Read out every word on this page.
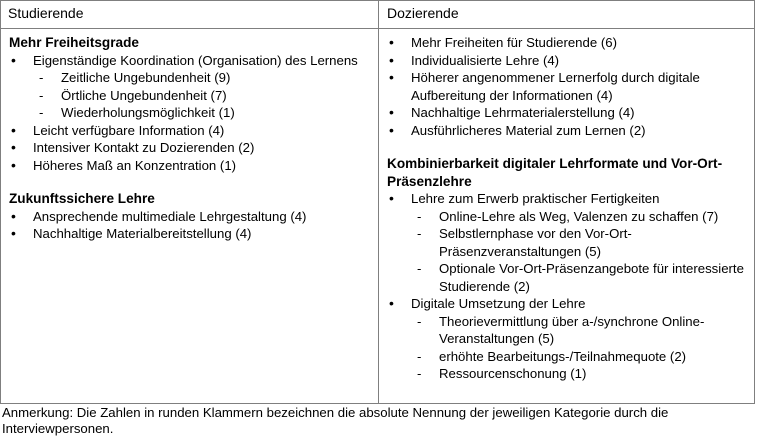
Studierende	Dozierende
Mehr Freiheitsgrade
• Eigenständige Koordination (Organisation) des Lernens
- Zeitliche Ungebundenheit (9)
- Örtliche Ungebundenheit (7)
- Wiederholungsmöglichkeit (1)
• Leicht verfügbare Information (4)
• Intensiver Kontakt zu Dozierenden (2)
• Höheres Maß an Konzentration (1)
Zukunftssichere Lehre
• Ansprechende multimediale Lehrgestaltung (4)
• Nachhaltige Materialbereitstellung (4)
• Mehr Freiheiten für Studierende (6)
• Individualisierte Lehre (4)
• Höherer angenommener Lernerfolg durch digitale Aufbereitung der Informationen (4)
• Nachhaltige Lehrmaterialerstellung (4)
• Ausführlicheres Material zum Lernen (2)
Kombinierbarkeit digitaler Lehrformate und Vor-Ort-Präsenzlehre
• Lehre zum Erwerb praktischer Fertigkeiten
- Online-Lehre als Weg, Valenzen zu schaffen (7)
- Selbstlernphase vor den Vor-Ort-Präsenzveranstaltungen (5)
- Optionale Vor-Ort-Präsenzangebote für interessierte Studierende (2)
• Digitale Umsetzung der Lehre
- Theorievermittlung über a-/synchrone Online-Veranstaltungen (5)
- erhöhte Bearbeitungs-/Teilnahmequote (2)
- Ressourcenschonung (1)
Anmerkung: Die Zahlen in runden Klammern bezeichnen die absolute Nennung der jeweiligen Kategorie durch die Interviewpersonen.
